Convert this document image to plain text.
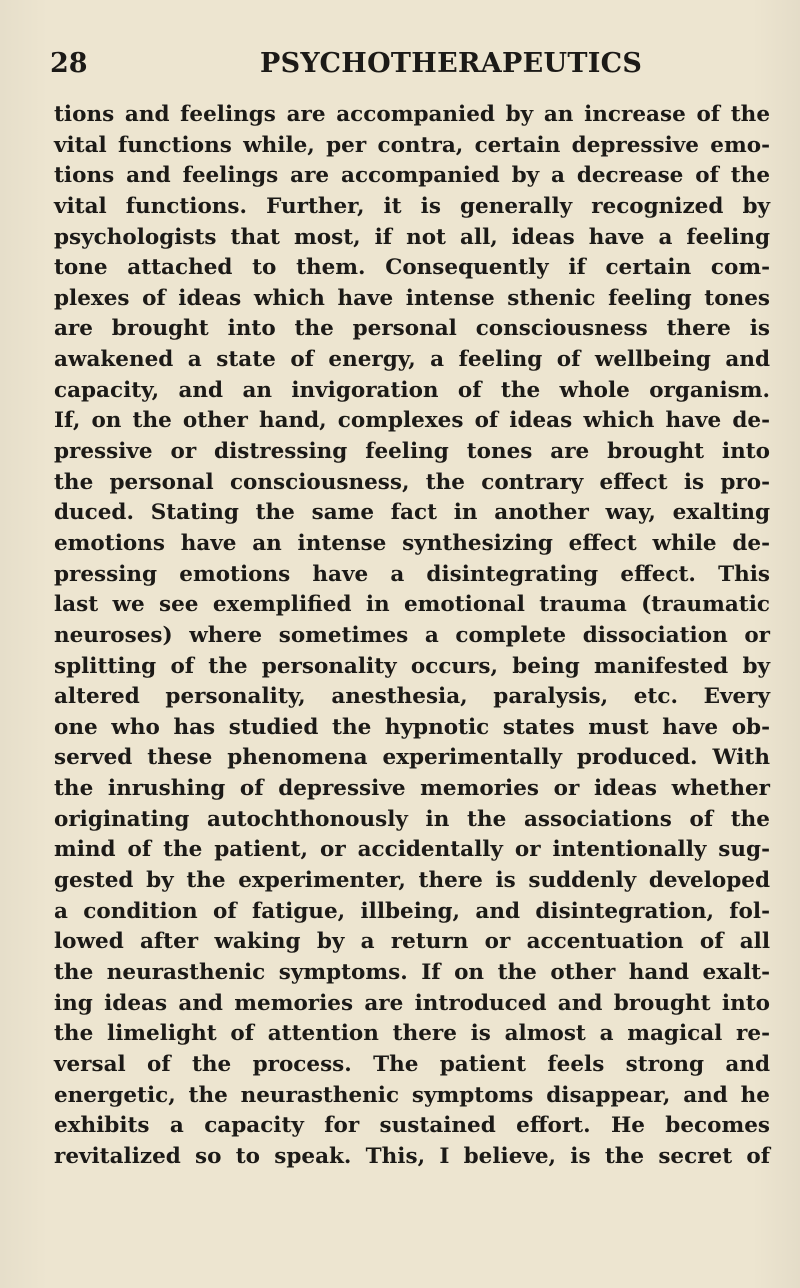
28	PSYCHOTHERAPEUTICS
tions and feelings are accompanied by an increase of the
vital functions while, per contra, certain depressive emo-
tions and feelings are accompanied by a decrease of the
vital functions. Further, it is generally recognized by
psychologists that most, if not all, ideas have a feeling
tone attached to them. Consequently if certain com-
plexes of ideas which have intense sthenic feeling tones
are brought into the personal consciousness there is
awakened a state of energy, a feeling of wellbeing and
capacity, and an invigoration of the whole organism.
If, on the other hand, complexes of ideas which have de-
pressive or distressing feeling tones are brought into
the personal consciousness, the contrary effect is pro-
duced. Stating the same fact in another way, exalting
emotions have an intense synthesizing effect while de-
pressing emotions have a disintegrating effect. This
last we see exemplified in emotional trauma (traumatic
neuroses) where sometimes a complete dissociation or
splitting of the personality occurs, being manifested by
altered personality, anesthesia, paralysis, etc. Every
one who has studied the hypnotic states must have ob-
served these phenomena experimentally produced. With
the inrushing of depressive memories or ideas whether
originating autochthonously in the associations of the
mind of the patient, or accidentally or intentionally sug-
gested by the experimenter, there is suddenly developed
a condition of fatigue, illbeing, and disintegration, fol-
lowed after waking by a return or accentuation of all
the neurasthenic symptoms. If on the other hand exalt-
ing ideas and memories are introduced and brought into
the limelight of attention there is almost a magical re-
versal of the process. The patient feels strong and
energetic, the neurasthenic symptoms disappear, and he
exhibits a capacity for sustained effort. He becomes
revitalized so to speak. This, I believe, is the secret of
